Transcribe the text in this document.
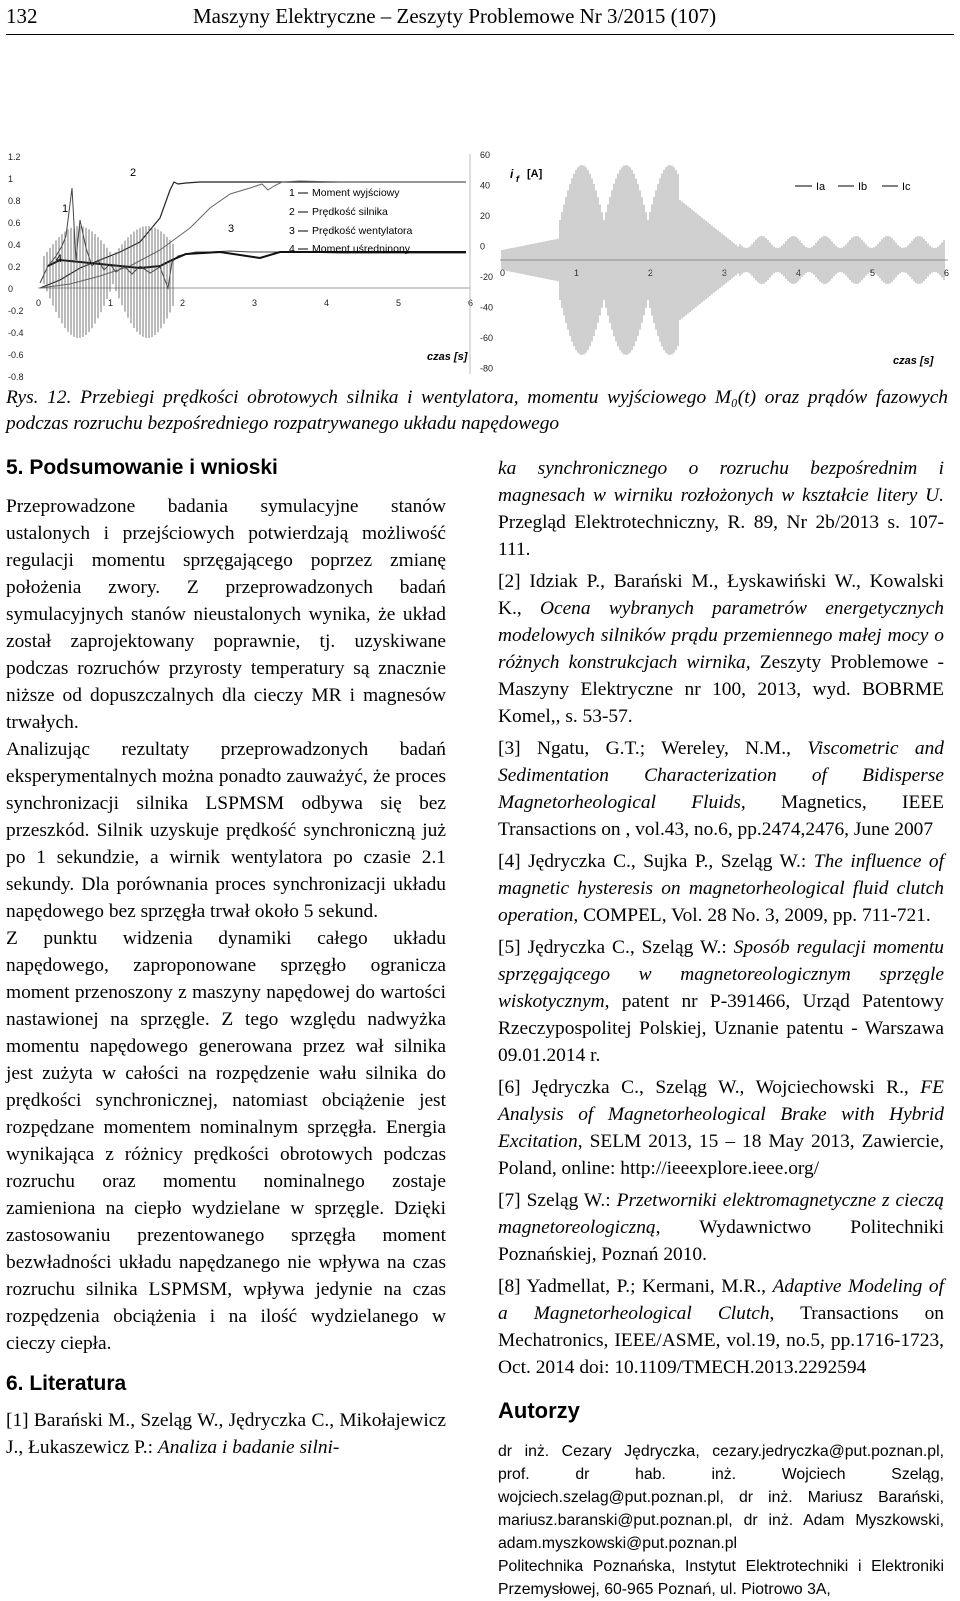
132	Maszyny Elektryczne – Zeszyty Problemowe Nr 3/2015 (107)
1.2
1
0.8
0.6
0.4
0.2
0
-0.2
-0.4
-0.6
-0.8
0	1	2	3	4	5	6
1 Moment wyjściowy
2 Prędkość silnika
3 Prędkość wentylatora
4 Moment uśredninony
1
2
3
4
czas [s]
60
40
20
0
-20
-40
-60
-80
0	1	2	3	4	5	6
i f [A]
Ia	Ib	Ic
czas [s]
Rys. 12. Przebiegi prędkości obrotowych silnika i wentylatora, momentu wyjściowego M₀(t) oraz prądów fazowych podczas rozruchu bezpośredniego rozpatrywanego układu napędowego
5. Podsumowanie i wnioski

Przeprowadzone badania symulacyjne stanów ustalonych i przejściowych potwierdzają możliwość regulacji momentu sprzęgającego poprzez zmianę położenia zwory. Z przeprowadzonych badań symulacyjnych stanów nieustalonych wynika, że układ został zaprojektowany poprawnie, tj. uzyskiwane podczas rozruchów przyrosty temperatury są znacznie niższe od dopuszczalnych dla cieczy MR i magnesów trwałych.

Analizując rezultaty przeprowadzonych badań eksperymentalnych można ponadto zauważyć, że proces synchronizacji silnika LSPMSM odbywa się bez przeszkód. Silnik uzyskuje prędkość synchroniczną już po 1 sekundzie, a wirnik wentylatora po czasie 2.1 sekundy. Dla porównania proces synchronizacji układu napędowego bez sprzęgła trwał około 5 sekund.

Z punktu widzenia dynamiki całego układu napędowego, zaproponowane sprzęgło ogranicza moment przenoszony z maszyny napędowej do wartości nastawionej na sprzęgle. Z tego względu nadwyżka momentu napędowego generowana przez wał silnika jest zużyta w całości na rozpędzenie wału silnika do prędkości synchronicznej, natomiast obciążenie jest rozpędzane momentem nominalnym sprzęgła. Energia wynikająca z różnicy prędkości obrotowych podczas rozruchu oraz momentu nominalnego zostaje zamieniona na ciepło wydzielane w sprzęgle. Dzięki zastosowaniu prezentowanego sprzęgła moment bezwładności układu napędzanego nie wpływa na czas rozruchu silnika LSPMSM, wpływa jedynie na czas rozpędzenia obciążenia i na ilość wydzielanego w cieczy ciepła.

6. Literatura

[1] Barański M., Szeląg W., Jędryczka C., Mikołajewicz J., Łukaszewicz P.: Analiza i badanie silni-

ka synchronicznego o rozruchu bezpośrednim i magnesach w wirniku rozłożonych w kształcie litery U. Przegląd Elektrotechniczny, R. 89, Nr 2b/2013 s. 107-111.

[2] Idziak P., Barański M., Łyskawiński W., Kowalski K., Ocena wybranych parametrów energetycznych modelowych silników prądu przemiennego małej mocy o różnych konstrukcjach wirnika, Zeszyty Problemowe - Maszyny Elektryczne nr 100, 2013, wyd. BOBRME Komel,, s. 53-57.

[3] Ngatu, G.T.; Wereley, N.M., Viscometric and Sedimentation Characterization of Bidisperse Magnetorheological Fluids, Magnetics, IEEE Transactions on , vol.43, no.6, pp.2474,2476, June 2007

[4] Jędryczka C., Sujka P., Szeląg W.: The influence of magnetic hysteresis on magnetorheological fluid clutch operation, COMPEL, Vol. 28 No. 3, 2009, pp. 711-721.

[5] Jędryczka C., Szeląg W.: Sposób regulacji momentu sprzęgającego w magnetoreologicznym sprzęgle wiskotycznym, patent nr P-391466, Urząd Patentowy Rzeczypospolitej Polskiej, Uznanie patentu - Warszawa 09.01.2014 r.

[6] Jędryczka C., Szeląg W., Wojciechowski R., FE Analysis of Magnetorheological Brake with Hybrid Excitation, SELM 2013, 15 – 18 May 2013, Zawiercie, Poland, online: http://ieeexplore.ieee.org/

[7] Szeląg W.: Przetworniki elektromagnetyczne z cieczą magnetoreologiczną, Wydawnictwo Politechniki Poznańskiej, Poznań 2010.

[8] Yadmellat, P.; Kermani, M.R., Adaptive Modeling of a Magnetorheological Clutch, Transactions on Mechatronics, IEEE/ASME, vol.19, no.5, pp.1716-1723, Oct. 2014 doi: 10.1109/TMECH.2013.2292594

Autorzy

dr inż. Cezary Jędryczka, cezary.jedryczka@put.poznan.pl, prof. dr hab. inż. Wojciech Szeląg, wojciech.szelag@put.poznan.pl, dr inż. Mariusz Barański, mariusz.baranski@put.poznan.pl, dr inż. Adam Myszkowski, adam.myszkowski@put.poznan.pl

Politechnika Poznańska, Instytut Elektrotechniki i Elektroniki Przemysłowej, 60-965 Poznań, ul. Piotrowo 3A,
